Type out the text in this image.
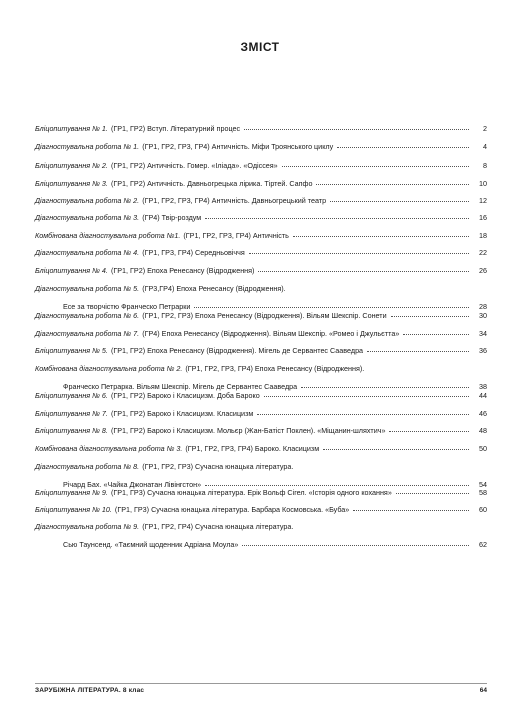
ЗМІСТ
Бліцопитування № 1. (ГР1, ГР2) Вступ. Літературний процес	2
Діагностувальна робота № 1. (ГР1, ГР2, ГР3, ГР4) Античність. Міфи Троянського циклу	4
Бліцопитування № 2. (ГР1, ГР2) Античність. Гомер. «Іліада». «Одіссея»	8
Бліцопитування № 3. (ГР1, ГР2) Античність. Давньогрецька лірика. Тіртей. Сапфо	10
Діагностувальна робота № 2. (ГР1, ГР2, ГР3, ГР4) Античність. Давньогрецький театр	12
Діагностувальна робота № 3. (ГР4) Твір-роздум	16
Комбінована діагностувальна робота №1. (ГР1, ГР2, ГР3, ГР4) Античність	18
Діагностувальна робота № 4. (ГР1, ГР3, ГР4) Середньовіччя	22
Бліцопитування № 4. (ГР1, ГР2) Епоха Ренесансу (Відродження)	26
Діагностувальна робота № 5. (ГР3,ГР4) Епоха Ренесансу (Відродження).
Есе за творчістю Франческо Петрарки	28
Діагностувальна робота № 6. (ГР1, ГР2, ГР3) Епоха Ренесансу (Відродження). Вільям Шекспір. Сонети	30
Діагностувальна робота № 7. (ГР4) Епоха Ренесансу (Відродження). Вільям Шекспір. «Ромео і Джульєтта»	34
Бліцопитування № 5. (ГР1, ГР2) Епоха Ренесансу (Відродження). Мігель де Сервантес Сааведра	36
Комбінована діагностувальна робота № 2. (ГР1, ГР2, ГР3, ГР4) Епоха Ренесансу (Відродження).
Франческо Петрарка. Вільям Шекспір. Мігель де Сервантес Сааведра	38
Бліцопитування № 6. (ГР1, ГР2) Бароко і Класицизм. Доба Бароко	44
Бліцопитування № 7. (ГР1, ГР2) Бароко і Класицизм. Класицизм	46
Бліцопитування № 8. (ГР1, ГР2) Бароко і Класицизм. Мольєр (Жан-Батіст Поклен). «Міщанин-шляхтич»	48
Комбінована діагностувальна робота № 3. (ГР1, ГР2, ГР3, ГР4) Бароко. Класицизм	50
Діагностувальна робота № 8. (ГР1, ГР2, ГР3) Сучасна юнацька література.
Річард Бах. «Чайка Джонатан Лівінгстон»	54
Бліцопитування № 9. (ГР1, ГР3) Сучасна юнацька література. Ерік Вольф Сігел. «Історія одного кохання»	58
Бліцопитування № 10. (ГР1, ГР3) Сучасна юнацька література. Барбара Космовська. «Буба»	60
Діагностувальна робота № 9. (ГР1, ГР2, ГР4) Сучасна юнацька література.
Сью Таунсенд. «Таємний щоденник Адріана Моула»	62
ЗАРУБІЖНА ЛІТЕРАТУРА. 8 клас	64
